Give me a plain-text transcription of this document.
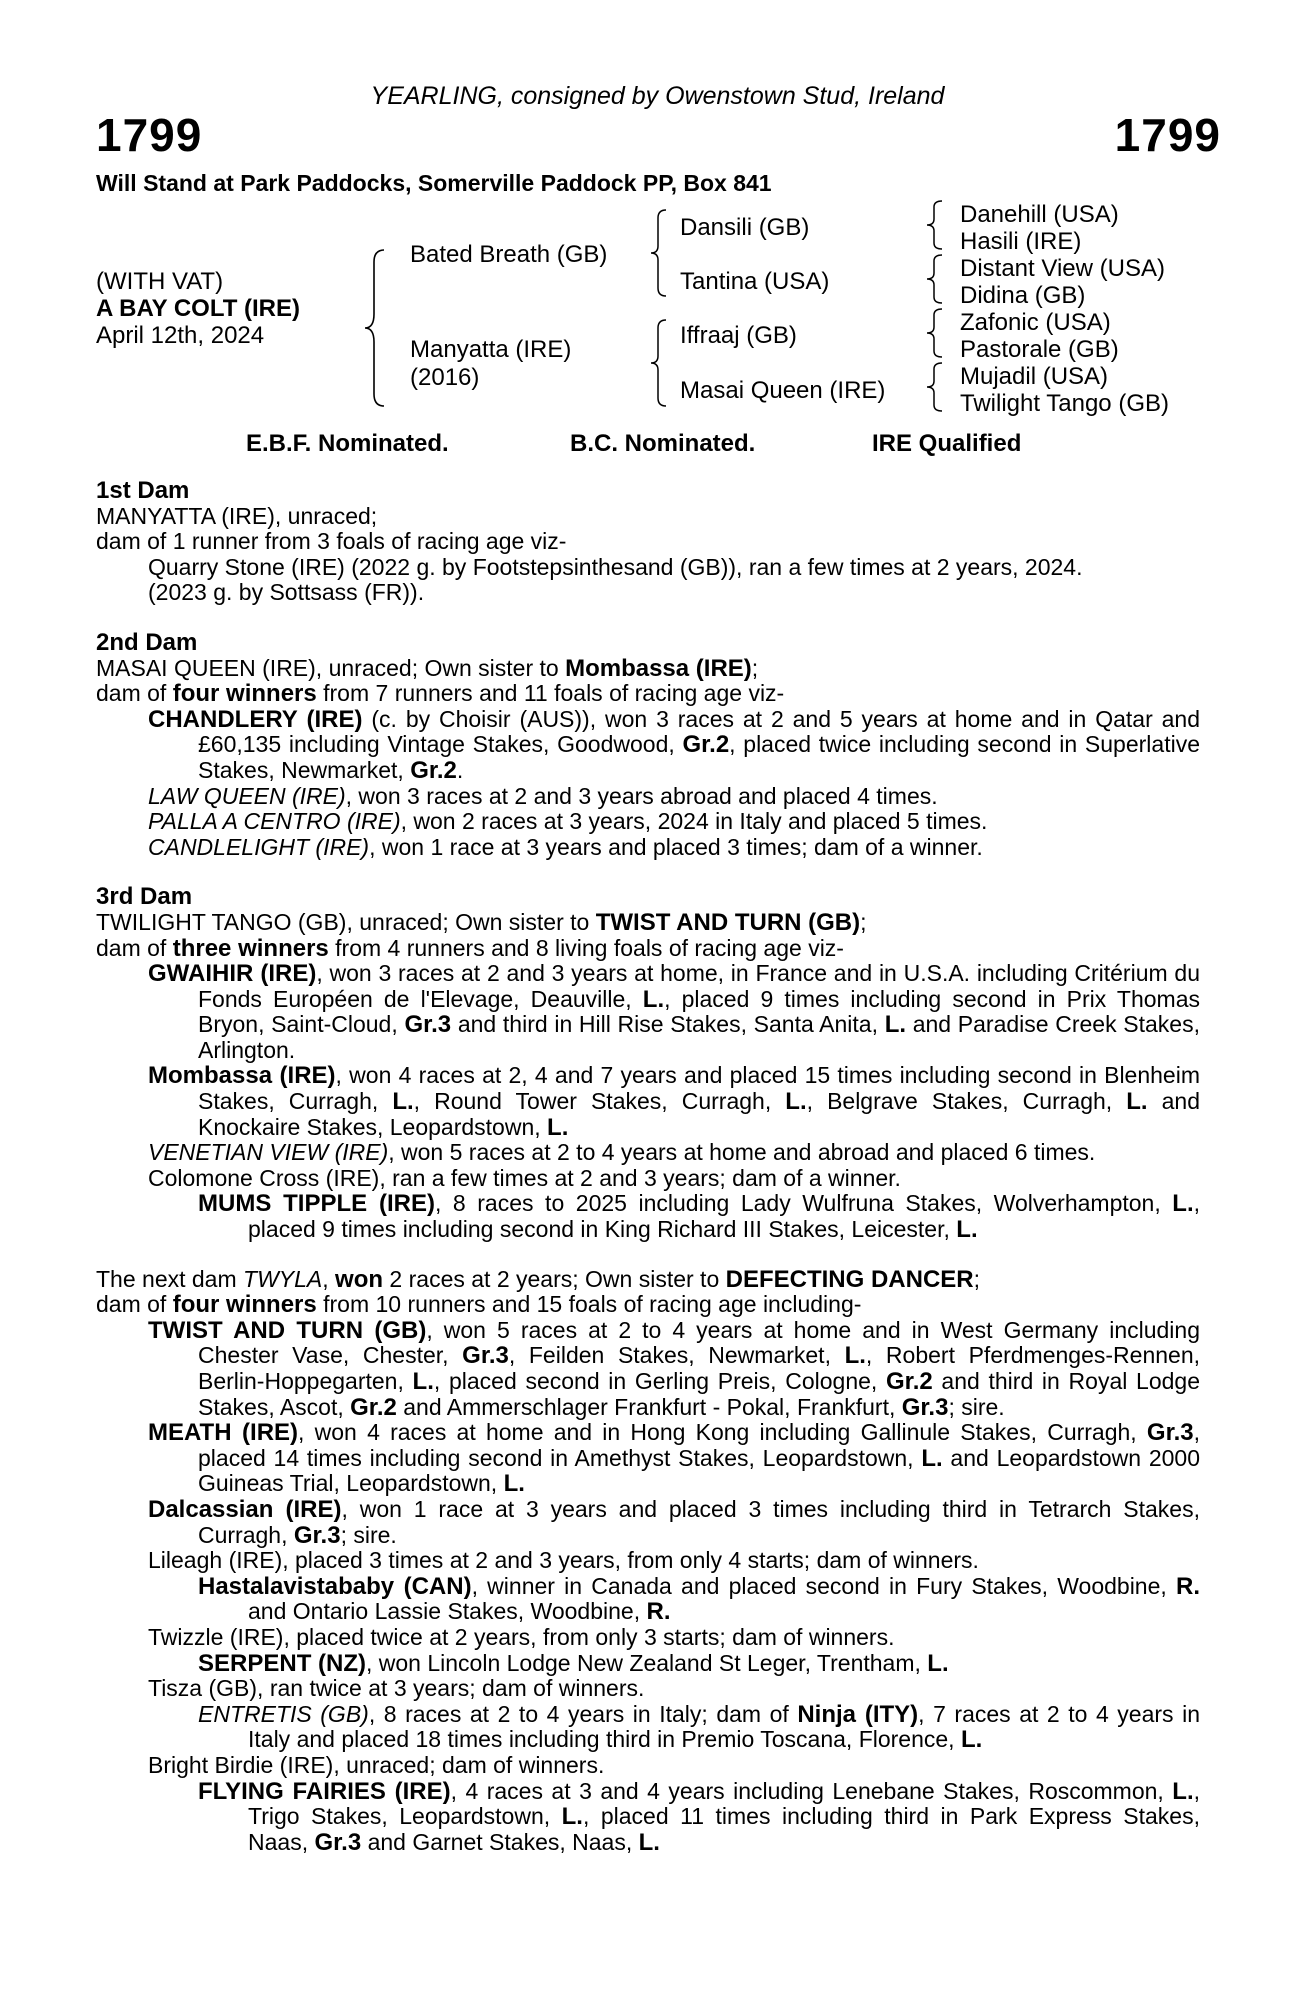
YEARLING, consigned by Owenstown Stud, Ireland
1799	1799
Will Stand at Park Paddocks, Somerville Paddock PP, Box 841
(WITH VAT)
A BAY COLT (IRE)
April 12th, 2024
Bated Breath (GB)
Manyatta (IRE)
(2016)
Dansili (GB)
Tantina (USA)
Iffraaj (GB)
Masai Queen (IRE)
Danehill (USA)
Hasili (IRE)
Distant View (USA)
Didina (GB)
Zafonic (USA)
Pastorale (GB)
Mujadil (USA)
Twilight Tango (GB)
E.B.F. Nominated.	B.C. Nominated.	IRE Qualified

1st Dam

MANYATTA (IRE), unraced;

dam of 1 runner from 3 foals of racing age viz-

Quarry Stone (IRE) (2022 g. by Footstepsinthesand (GB)), ran a few times at 2 years, 2024.

(2023 g. by Sottsass (FR)).

2nd Dam

MASAI QUEEN (IRE), unraced; Own sister to Mombassa (IRE);

dam of four winners from 7 runners and 11 foals of racing age viz-

CHANDLERY (IRE) (c. by Choisir (AUS)), won 3 races at 2 and 5 years at home and in Qatar and £60,135 including Vintage Stakes, Goodwood, Gr.2, placed twice including second in Superlative Stakes, Newmarket, Gr.2.

LAW QUEEN (IRE), won 3 races at 2 and 3 years abroad and placed 4 times.

PALLA A CENTRO (IRE), won 2 races at 3 years, 2024 in Italy and placed 5 times.

CANDLELIGHT (IRE), won 1 race at 3 years and placed 3 times; dam of a winner.

3rd Dam

TWILIGHT TANGO (GB), unraced; Own sister to TWIST AND TURN (GB);

dam of three winners from 4 runners and 8 living foals of racing age viz-

GWAIHIR (IRE), won 3 races at 2 and 3 years at home, in France and in U.S.A. including Critérium du Fonds Européen de l'Elevage, Deauville, L., placed 9 times including second in Prix Thomas Bryon, Saint-Cloud, Gr.3 and third in Hill Rise Stakes, Santa Anita, L. and Paradise Creek Stakes, Arlington.

Mombassa (IRE), won 4 races at 2, 4 and 7 years and placed 15 times including second in Blenheim Stakes, Curragh, L., Round Tower Stakes, Curragh, L., Belgrave Stakes, Curragh, L. and Knockaire Stakes, Leopardstown, L.

VENETIAN VIEW (IRE), won 5 races at 2 to 4 years at home and abroad and placed 6 times.

Colomone Cross (IRE), ran a few times at 2 and 3 years; dam of a winner.

MUMS TIPPLE (IRE), 8 races to 2025 including Lady Wulfruna Stakes, Wolverhampton, L., placed 9 times including second in King Richard III Stakes, Leicester, L.

The next dam TWYLA, won 2 races at 2 years; Own sister to DEFECTING DANCER;

dam of four winners from 10 runners and 15 foals of racing age including-

TWIST AND TURN (GB), won 5 races at 2 to 4 years at home and in West Germany including Chester Vase, Chester, Gr.3, Feilden Stakes, Newmarket, L., Robert Pferdmenges-Rennen, Berlin-Hoppegarten, L., placed second in Gerling Preis, Cologne, Gr.2 and third in Royal Lodge Stakes, Ascot, Gr.2 and Ammerschlager Frankfurt - Pokal, Frankfurt, Gr.3; sire.

MEATH (IRE), won 4 races at home and in Hong Kong including Gallinule Stakes, Curragh, Gr.3, placed 14 times including second in Amethyst Stakes, Leopardstown, L. and Leopardstown 2000 Guineas Trial, Leopardstown, L.

Dalcassian (IRE), won 1 race at 3 years and placed 3 times including third in Tetrarch Stakes, Curragh, Gr.3; sire.

Lileagh (IRE), placed 3 times at 2 and 3 years, from only 4 starts; dam of winners.

Hastalavistababy (CAN), winner in Canada and placed second in Fury Stakes, Woodbine, R. and Ontario Lassie Stakes, Woodbine, R.

Twizzle (IRE), placed twice at 2 years, from only 3 starts; dam of winners.

SERPENT (NZ), won Lincoln Lodge New Zealand St Leger, Trentham, L.

Tisza (GB), ran twice at 3 years; dam of winners.

ENTRETIS (GB), 8 races at 2 to 4 years in Italy; dam of Ninja (ITY), 7 races at 2 to 4 years in Italy and placed 18 times including third in Premio Toscana, Florence, L.

Bright Birdie (IRE), unraced; dam of winners.

FLYING FAIRIES (IRE), 4 races at 3 and 4 years including Lenebane Stakes, Roscommon, L., Trigo Stakes, Leopardstown, L., placed 11 times including third in Park Express Stakes, Naas, Gr.3 and Garnet Stakes, Naas, L.
